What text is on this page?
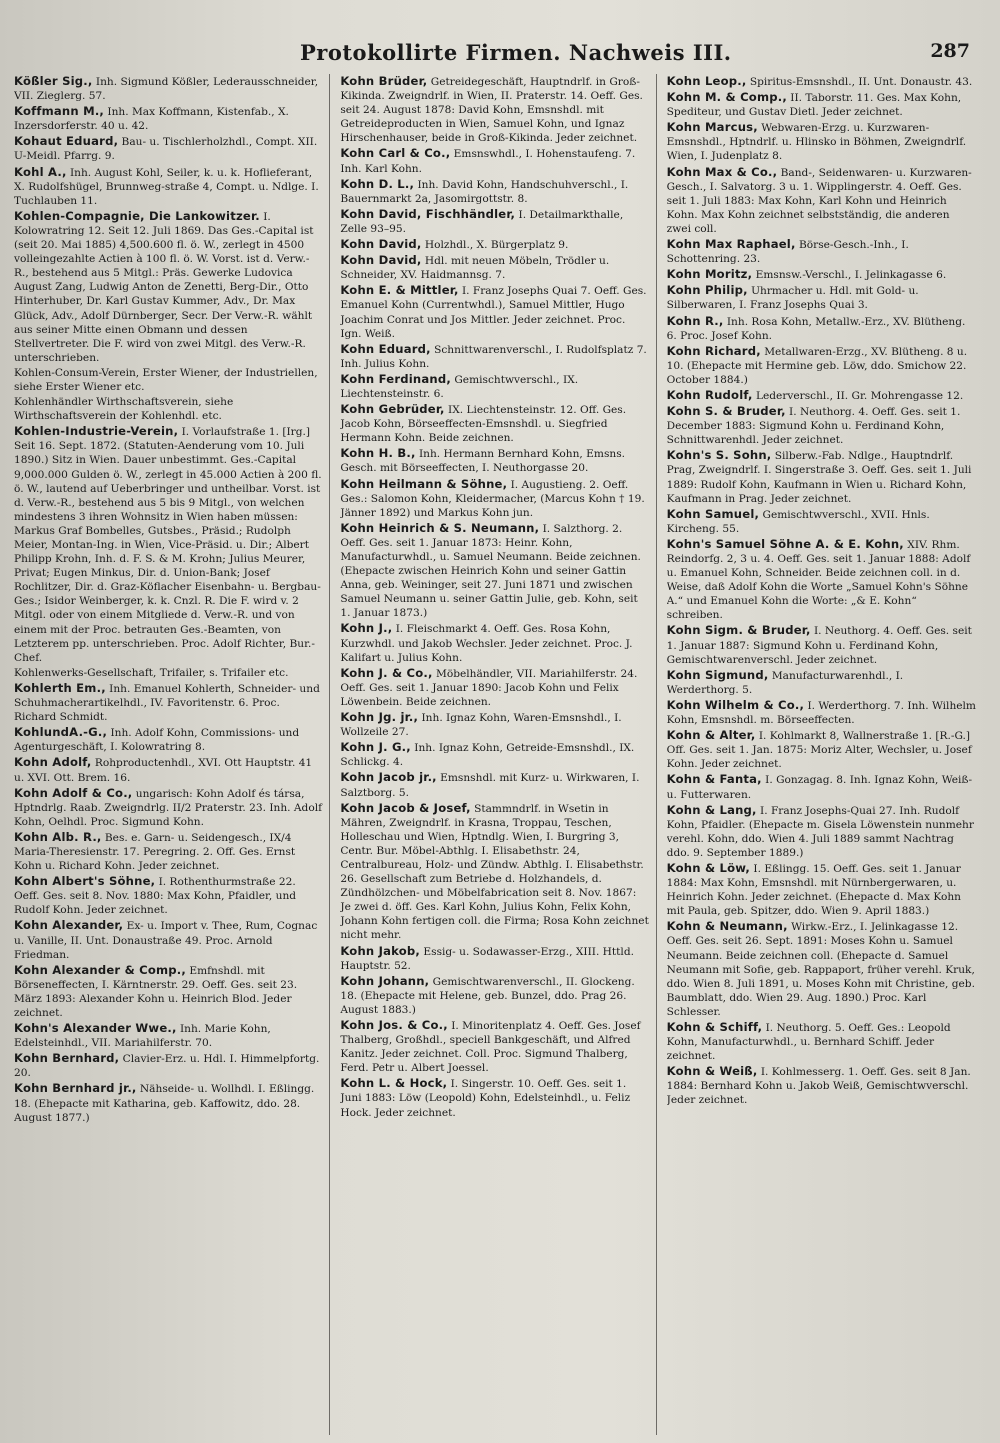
Protokollirte Firmen. Nachweis III.	287

Kößler Sig., Inh. Sigmund Kößler, Lederausschneider, VII. Zieglerg. 57.

Koffmann M., Inh. Max Koffmann, Kistenfab., X. Inzersdorferstr. 40 u. 42.

Kohaut Eduard, Bau- u. Tischlerholzhdl., Compt. XII. U-Meidl. Pfarrg. 9.

Kohl A., Inh. August Kohl, Seiler, k. u. k. Hoflieferant, X. Rudolfshügel, Brunnweg-straße 4, Compt. u. Ndlge. I. Tuchlauben 11.

Kohlen-Compagnie, Die Lankowitzer. I. Kolowratring 12. Seit 12. Juli 1869. Das Ges.-Capital ist (seit 20. Mai 1885) 4,500.600 fl. ö. W., zerlegt in 4500 volleingezahlte Actien à 100 fl. ö. W. Vorst. ist d. Verw.-R., bestehend aus 5 Mitgl.: Präs. Gewerke Ludovica August Zang, Ludwig Anton de Zenetti, Berg-Dir., Otto Hinterhuber, Dr. Karl Gustav Kummer, Adv., Dr. Max Glück, Adv., Adolf Dürnberger, Secr. Der Verw.-R. wählt aus seiner Mitte einen Obmann und dessen Stellvertreter. Die F. wird von zwei Mitgl. des Verw.-R. unterschrieben.

Kohlen-Consum-Verein, Erster Wiener, der Industriellen, siehe Erster Wiener etc.

Kohlenhändler Wirthschaftsverein, siehe Wirthschaftsverein der Kohlenhdl. etc.

Kohlen-Industrie-Verein, I. Vorlaufstraße 1. [Irg.] Seit 16. Sept. 1872. (Statuten-Aenderung vom 10. Juli 1890.) Sitz in Wien. Dauer unbestimmt. Ges.-Capital 9,000.000 Gulden ö. W., zerlegt in 45.000 Actien à 200 fl. ö. W., lautend auf Ueberbringer und untheilbar. Vorst. ist d. Verw.-R., bestehend aus 5 bis 9 Mitgl., von welchen mindestens 3 ihren Wohnsitz in Wien haben müssen: Markus Graf Bombelles, Gutsbes., Präsid.; Rudolph Meier, Montan-Ing. in Wien, Vice-Präsid. u. Dir.; Albert Philipp Krohn, Inh. d. F. S. & M. Krohn; Julius Meurer, Privat; Eugen Minkus, Dir. d. Union-Bank; Josef Rochlitzer, Dir. d. Graz-Köflacher Eisenbahn- u. Bergbau-Ges.; Isidor Weinberger, k. k. Cnzl. R. Die F. wird v. 2 Mitgl. oder von einem Mitgliede d. Verw.-R. und von einem mit der Proc. betrauten Ges.-Beamten, von Letzterem pp. unterschrieben. Proc. Adolf Richter, Bur.-Chef.

Kohlenwerks-Gesellschaft, Trifailer, s. Trifailer etc.

Kohlerth Em., Inh. Emanuel Kohlerth, Schneider- und Schuhmacherartikelhdl., IV. Favoritenstr. 6. Proc. Richard Schmidt.

KohlundA.-G., Inh. Adolf Kohn, Commissions- und Agenturgeschäft, I. Kolowratring 8.

Kohn Adolf, Rohproductenhdl., XVI. Ott Hauptstr. 41 u. XVI. Ott. Brem. 16.

Kohn Adolf & Co., ungarisch: Kohn Adolf és társa, Hptndrlg. Raab. Zweigndrlg. II/2 Praterstr. 23. Inh. Adolf Kohn, Oelhdl. Proc. Sigmund Kohn.

Kohn Alb. R., Bes. e. Garn- u. Seidengesch., IX/4 Maria-Theresienstr. 17. Peregring. 2. Off. Ges. Ernst Kohn u. Richard Kohn. Jeder zeichnet.

Kohn Albert's Söhne, I. Rothenthurmstraße 22. Oeff. Ges. seit 8. Nov. 1880: Max Kohn, Pfaidler, und Rudolf Kohn. Jeder zeichnet.

Kohn Alexander, Ex- u. Import v. Thee, Rum, Cognac u. Vanille, II. Unt. Donaustraße 49. Proc. Arnold Friedman.

Kohn Alexander & Comp., Emfnshdl. mit Börseneffecten, I. Kärntnerstr. 29. Oeff. Ges. seit 23. März 1893: Alexander Kohn u. Heinrich Blod. Jeder zeichnet.

Kohn's Alexander Wwe., Inh. Marie Kohn, Edelsteinhdl., VII. Mariahilferstr. 70.

Kohn Bernhard, Clavier-Erz. u. Hdl. I. Himmelpfortg. 20.

Kohn Bernhard jr., Nähseide- u. Wollhdl. I. Eßlingg. 18. (Ehepacte mit Katharina, geb. Kaffowitz, ddo. 28. August 1877.)

Kohn Brüder, Getreidegeschäft, Hauptndrlf. in Groß-Kikinda. Zweigndrlf. in Wien, II. Praterstr. 14. Oeff. Ges. seit 24. August 1878: David Kohn, Emsnshdl. mit Getreideproducten in Wien, Samuel Kohn, und Ignaz Hirschenhauser, beide in Groß-Kikinda. Jeder zeichnet.

Kohn Carl & Co., Emsnswhdl., I. Hohenstaufeng. 7. Inh. Karl Kohn.

Kohn D. L., Inh. David Kohn, Handschuhverschl., I. Bauernmarkt 2a, Jasomirgottstr. 8.

Kohn David, Fischhändler, I. Detailmarkthalle, Zelle 93–95.

Kohn David, Holzhdl., X. Bürgerplatz 9.

Kohn David, Hdl. mit neuen Möbeln, Trödler u. Schneider, XV. Haidmannsg. 7.

Kohn E. & Mittler, I. Franz Josephs Quai 7. Oeff. Ges. Emanuel Kohn (Currentwhdl.), Samuel Mittler, Hugo Joachim Conrat und Jos Mittler. Jeder zeichnet. Proc. Ign. Weiß.

Kohn Eduard, Schnittwarenverschl., I. Rudolfsplatz 7. Inh. Julius Kohn.

Kohn Ferdinand, Gemischtwverschl., IX. Liechtensteinstr. 6.

Kohn Gebrüder, IX. Liechtensteinstr. 12. Off. Ges. Jacob Kohn, Börseeffecten-Emsnshdl. u. Siegfried Hermann Kohn. Beide zeichnen.

Kohn H. B., Inh. Hermann Bernhard Kohn, Emsns. Gesch. mit Börseeffecten, I. Neuthorgasse 20.

Kohn Heilmann & Söhne, I. Augustieng. 2. Oeff. Ges.: Salomon Kohn, Kleidermacher, (Marcus Kohn † 19. Jänner 1892) und Markus Kohn jun.

Kohn Heinrich & S. Neumann, I. Salzthorg. 2. Oeff. Ges. seit 1. Januar 1873: Heinr. Kohn, Manufacturwhdl., u. Samuel Neumann. Beide zeichnen. (Ehepacte zwischen Heinrich Kohn und seiner Gattin Anna, geb. Weininger, seit 27. Juni 1871 und zwischen Samuel Neumann u. seiner Gattin Julie, geb. Kohn, seit 1. Januar 1873.)

Kohn J., I. Fleischmarkt 4. Oeff. Ges. Rosa Kohn, Kurzwhdl. und Jakob Wechsler. Jeder zeichnet. Proc. J. Kalifart u. Julius Kohn.

Kohn J. & Co., Möbelhändler, VII. Mariahilferstr. 24. Oeff. Ges. seit 1. Januar 1890: Jacob Kohn und Felix Löwenbein. Beide zeichnen.

Kohn Jg. jr., Inh. Ignaz Kohn, Waren-Emsnshdl., I. Wollzeile 27.

Kohn J. G., Inh. Ignaz Kohn, Getreide-Emsnshdl., IX. Schlickg. 4.

Kohn Jacob jr., Emsnshdl. mit Kurz- u. Wirkwaren, I. Salztborg. 5.

Kohn Jacob & Josef, Stammndrlf. in Wsetin in Mähren, Zweigndrlf. in Krasna, Troppau, Teschen, Holleschau und Wien, Hptndlg. Wien, I. Burgring 3, Centr. Bur. Möbel-Abthlg. I. Elisabethstr. 24, Centralbureau, Holz- und Zündw. Abthlg. I. Elisabethstr. 26. Gesellschaft zum Betriebe d. Holzhandels, d. Zündhölzchen- und Möbelfabrication seit 8. Nov. 1867: Je zwei d. öff. Ges. Karl Kohn, Julius Kohn, Felix Kohn, Johann Kohn fertigen coll. die Firma; Rosa Kohn zeichnet nicht mehr.

Kohn Jakob, Essig- u. Sodawasser-Erzg., XIII. Httld. Hauptstr. 52.

Kohn Johann, Gemischtwarenverschl., II. Glockeng. 18. (Ehepacte mit Helene, geb. Bunzel, ddo. Prag 26. August 1883.)

Kohn Jos. & Co., I. Minoritenplatz 4. Oeff. Ges. Josef Thalberg, Großhdl., speciell Bankgeschäft, und Alfred Kanitz. Jeder zeichnet. Coll. Proc. Sigmund Thalberg, Ferd. Petr u. Albert Joessel.

Kohn L. & Hock, I. Singerstr. 10. Oeff. Ges. seit 1. Juni 1883: Löw (Leopold) Kohn, Edelsteinhdl., u. Feliz Hock. Jeder zeichnet.

Kohn Leop., Spiritus-Emsnshdl., II. Unt. Donaustr. 43.

Kohn M. & Comp., II. Taborstr. 11. Ges. Max Kohn, Spediteur, und Gustav Dietl. Jeder zeichnet.

Kohn Marcus, Webwaren-Erzg. u. Kurzwaren-Emsnshdl., Hptndrlf. u. Hlinsko in Böhmen, Zweigndrlf. Wien, I. Judenplatz 8.

Kohn Max & Co., Band-, Seidenwaren- u. Kurzwaren-Gesch., I. Salvatorg. 3 u. 1. Wipplingerstr. 4. Oeff. Ges. seit 1. Juli 1883: Max Kohn, Karl Kohn und Heinrich Kohn. Max Kohn zeichnet selbstständig, die anderen zwei coll.

Kohn Max Raphael, Börse-Gesch.-Inh., I. Schottenring. 23.

Kohn Moritz, Emsnsw.-Verschl., I. Jelinkagasse 6.

Kohn Philip, Uhrmacher u. Hdl. mit Gold- u. Silberwaren, I. Franz Josephs Quai 3.

Kohn R., Inh. Rosa Kohn, Metallw.-Erz., XV. Blütheng. 6. Proc. Josef Kohn.

Kohn Richard, Metallwaren-Erzg., XV. Blütheng. 8 u. 10. (Ehepacte mit Hermine geb. Löw, ddo. Smichow 22. October 1884.)

Kohn Rudolf, Lederverschl., II. Gr. Mohrengasse 12.

Kohn S. & Bruder, I. Neuthorg. 4. Oeff. Ges. seit 1. December 1883: Sigmund Kohn u. Ferdinand Kohn, Schnittwarenhdl. Jeder zeichnet.

Kohn's S. Sohn, Silberw.-Fab. Ndlge., Hauptndrlf. Prag, Zweigndrlf. I. Singerstraße 3. Oeff. Ges. seit 1. Juli 1889: Rudolf Kohn, Kaufmann in Wien u. Richard Kohn, Kaufmann in Prag. Jeder zeichnet.

Kohn Samuel, Gemischtwverschl., XVII. Hnls. Kircheng. 55.

Kohn's Samuel Söhne A. & E. Kohn, XIV. Rhm. Reindorfg. 2, 3 u. 4. Oeff. Ges. seit 1. Januar 1888: Adolf u. Emanuel Kohn, Schneider. Beide zeichnen coll. in d. Weise, daß Adolf Kohn die Worte „Samuel Kohn's Söhne A.“ und Emanuel Kohn die Worte: „& E. Kohn“ schreiben.

Kohn Sigm. & Bruder, I. Neuthorg. 4. Oeff. Ges. seit 1. Januar 1887: Sigmund Kohn u. Ferdinand Kohn, Gemischtwarenverschl. Jeder zeichnet.

Kohn Sigmund, Manufacturwarenhdl., I. Werderthorg. 5.

Kohn Wilhelm & Co., I. Werderthorg. 7. Inh. Wilhelm Kohn, Emsnshdl. m. Börseeffecten.

Kohn & Alter, I. Kohlmarkt 8, Wallnerstraße 1. [R.-G.] Off. Ges. seit 1. Jan. 1875: Moriz Alter, Wechsler, u. Josef Kohn. Jeder zeichnet.

Kohn & Fanta, I. Gonzagag. 8. Inh. Ignaz Kohn, Weiß- u. Futterwaren.

Kohn & Lang, I. Franz Josephs-Quai 27. Inh. Rudolf Kohn, Pfaidler. (Ehepacte m. Gisela Löwenstein nunmehr verehl. Kohn, ddo. Wien 4. Juli 1889 sammt Nachtrag ddo. 9. September 1889.)

Kohn & Löw, I. Eßlingg. 15. Oeff. Ges. seit 1. Januar 1884: Max Kohn, Emsnshdl. mit Nürnbergerwaren, u. Heinrich Kohn. Jeder zeichnet. (Ehepacte d. Max Kohn mit Paula, geb. Spitzer, ddo. Wien 9. April 1883.)

Kohn & Neumann, Wirkw.-Erz., I. Jelinkagasse 12. Oeff. Ges. seit 26. Sept. 1891: Moses Kohn u. Samuel Neumann. Beide zeichnen coll. (Ehepacte d. Samuel Neumann mit Sofie, geb. Rappaport, früher verehl. Kruk, ddo. Wien 8. Juli 1891, u. Moses Kohn mit Christine, geb. Baumblatt, ddo. Wien 29. Aug. 1890.) Proc. Karl Schlesser.

Kohn & Schiff, I. Neuthorg. 5. Oeff. Ges.: Leopold Kohn, Manufacturwhdl., u. Bernhard Schiff. Jeder zeichnet.

Kohn & Weiß, I. Kohlmesserg. 1. Oeff. Ges. seit 8 Jan. 1884: Bernhard Kohn u. Jakob Weiß, Gemischtwverschl. Jeder zeichnet.
